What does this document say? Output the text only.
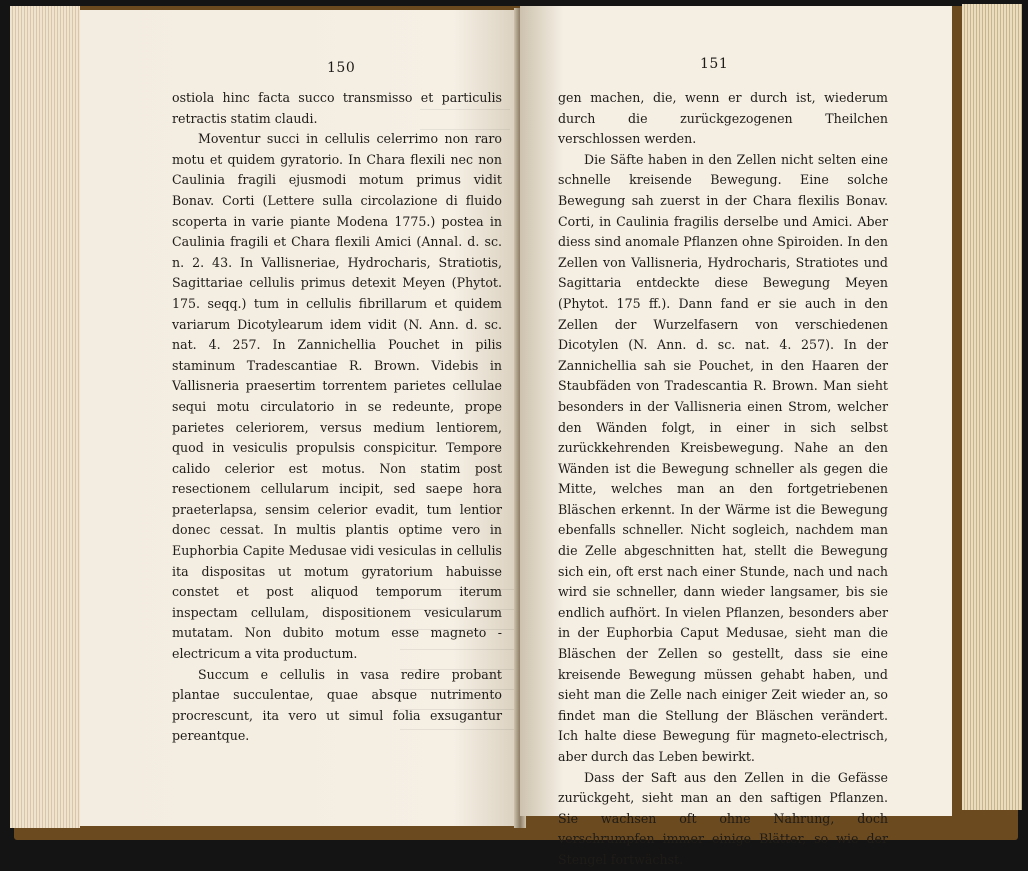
150

ostiola hinc facta succo transmisso et particulis retractis statim claudi.

Moventur succi in cellulis celerrimo non raro motu et quidem gyratorio. In Chara flexili nec non Caulinia fragili ejusmodi motum primus vidit Bonav. Corti (Lettere sulla circolazione di fluido scoperta in varie piante Modena 1775.) postea in Caulinia fragili et Chara flexili Amici (Annal. d. sc. n. 2. 43. In Vallisneriae, Hydrocharis, Stratiotis, Sagittariae cellulis primus detexit Meyen (Phytot. 175. seqq.) tum in cellulis fibrillarum et quidem variarum Dicotylearum idem vidit (N. Ann. d. sc. nat. 4. 257. In Zannichellia Pouchet in pilis staminum Tradescantiae R. Brown. Videbis in Vallisneria praesertim torrentem parietes cellulae sequi motu circulatorio in se redeunte, prope parietes celeriorem, versus medium lentiorem, quod in vesiculis propulsis conspicitur. Tempore calido celerior est motus. Non statim post resectionem cellularum incipit, sed saepe hora praeterlapsa, sensim celerior evadit, tum lentior donec cessat. In multis plantis optime vero in Euphorbia Capite Medusae vidi vesiculas in cellulis ita dispositas ut motum gyratorium habuisse constet et post aliquod temporum iterum inspectam cellulam, dispositionem vesicularum mutatam. Non dubito motum esse magneto - electricum a vita productum.

Succum e cellulis in vasa redire probant plantae succulentae, quae absque nutrimento procrescunt, ita vero ut simul folia exsugantur pereantque.

151

gen machen, die, wenn er durch ist, wiederum durch die zurückgezogenen Theilchen verschlossen werden.

Die Säfte haben in den Zellen nicht selten eine schnelle kreisende Bewegung. Eine solche Bewegung sah zuerst in der Chara flexilis Bonav. Corti, in Caulinia fragilis derselbe und Amici. Aber diess sind anomale Pflanzen ohne Spiroiden. In den Zellen von Vallisneria, Hydrocharis, Stratiotes und Sagittaria entdeckte diese Bewegung Meyen (Phytot. 175 ff.). Dann fand er sie auch in den Zellen der Wurzelfasern von verschiedenen Dicotylen (N. Ann. d. sc. nat. 4. 257). In der Zannichellia sah sie Pouchet, in den Haaren der Staubfäden von Tradescantia R. Brown. Man sieht besonders in der Vallisneria einen Strom, welcher den Wänden folgt, in einer in sich selbst zurückkehrenden Kreisbewegung. Nahe an den Wänden ist die Bewegung schneller als gegen die Mitte, welches man an den fortgetriebenen Bläschen erkennt. In der Wärme ist die Bewegung ebenfalls schneller. Nicht sogleich, nachdem man die Zelle abgeschnitten hat, stellt die Bewegung sich ein, oft erst nach einer Stunde, nach und nach wird sie schneller, dann wieder langsamer, bis sie endlich aufhört. In vielen Pflanzen, besonders aber in der Euphorbia Caput Medusae, sieht man die Bläschen der Zellen so gestellt, dass sie eine kreisende Bewegung müssen gehabt haben, und sieht man die Zelle nach einiger Zeit wieder an, so findet man die Stellung der Bläschen verändert. Ich halte diese Bewegung für magneto-electrisch, aber durch das Leben bewirkt.

Dass der Saft aus den Zellen in die Gefässe zurückgeht, sieht man an den saftigen Pflanzen. Sie wachsen oft ohne Nahrung, doch verschrumpfen immer einige Blätter, so wie der Stengel fortwächst.
